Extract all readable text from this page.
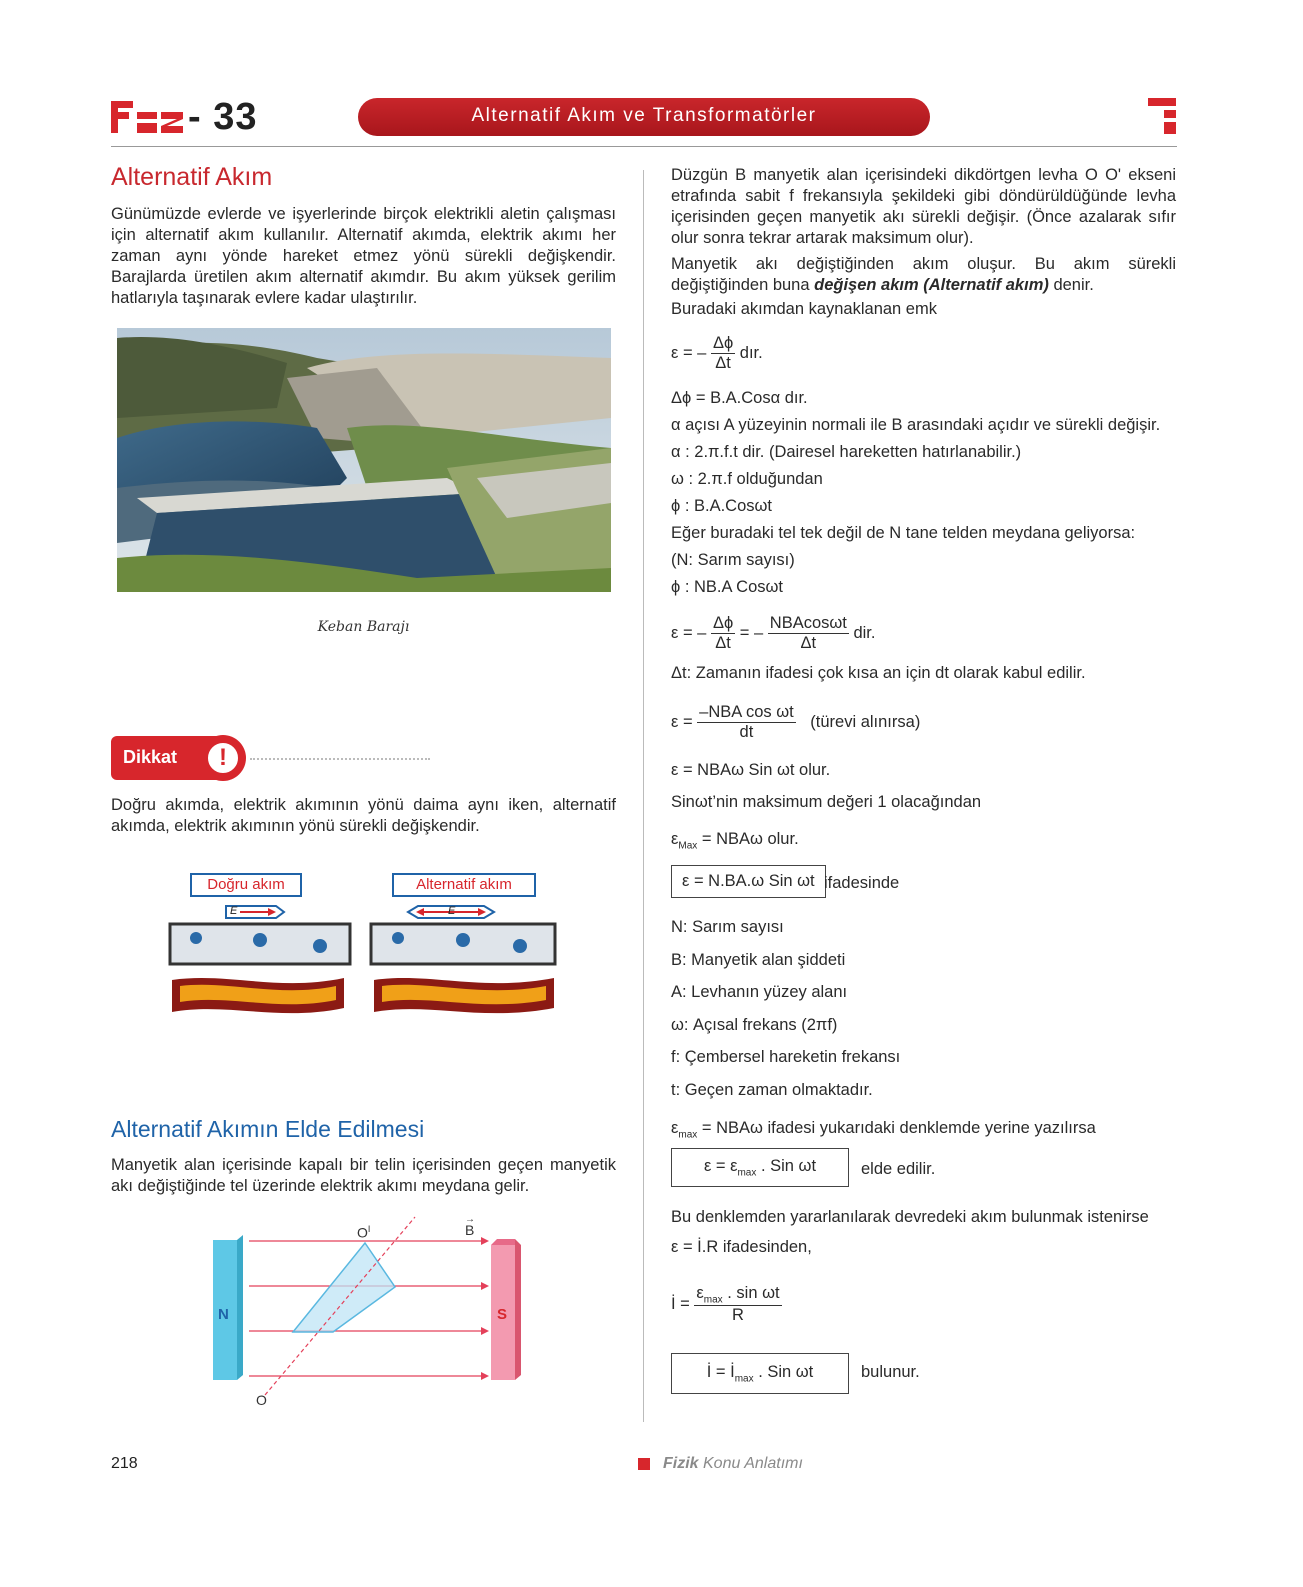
- 33	Alternatif Akım ve Transformatörler
Alternatif Akım
Günümüzde evlerde ve işyerlerinde birçok elektrikli aletin çalışması için alternatif akım kullanılır. Alternatif akımda, elektrik akımı her zaman aynı yönde hareket etmez yönü sürekli değişkendir. Barajlarda üretilen akım alternatif akımdır. Bu akım yüksek gerilim hatlarıyla taşınarak evlere kadar ulaştırılır.
Keban Barajı
Dikkat	!
Doğru akımda, elektrik akımının yönü daima aynı iken, alternatif akımda, elektrik akımının yönü sürekli değişkendir.
Doğru akım	Alternatif akım
E	E
Alternatif Akımın Elde Edilmesi
Manyetik alan içerisinde kapalı bir telin içerisinden geçen manyetik akı değiştiğinde tel üzerinde elektrik akımı meydana gelir.
$O^I$
→
B
N	S
O
Düzgün B manyetik alan içerisindeki dikdörtgen levha O O' ekseni etrafında sabit f frekansıyla şekildeki gibi döndürüldüğünde levha içerisinden geçen manyetik akı sürekli değişir. (Önce azalarak sıfır olur sonra tekrar artarak maksimum olur).
Manyetik akı değiştiğinden akım oluşur. Bu akım sürekli değiştiğinden buna değişen akım (Alternatif akım) denir.
Buradaki akımdan kaynaklanan emk
ε = – $\frac{\Delta\phi}{\Delta t}$ dır.
Δϕ = B.A.Cosα dır.
α açısı A yüzeyinin normali ile B arasındaki açıdır ve sürekli değişir.
α : 2.π.f.t dir. (Dairesel hareketten hatırlanabilir.)
ω : 2.π.f olduğundan
ϕ : B.A.Cosωt
Eğer buradaki tel tek değil de N tane telden meydana geliyorsa:
(N: Sarım sayısı)
ϕ : NB.A Cosωt
ε = – $\frac{\Delta\phi}{\Delta t}$ = – $\frac{\text{NBAcosωt}}{\Delta t}$ dir.
Δt: Zamanın ifadesi çok kısa an için dt olarak kabul edilir.
$\varepsilon = \frac{\text{–NBA cos ωt}}{dt}$ (türevi alınırsa)
ε = NBAω Sin ωt olur.
Sinωt’nin maksimum değeri 1 olacağından
$\varepsilon_{Max} = NBA\omega$ olur.
ε = N.BA.ω Sin ωt ifadesinde
N: Sarım sayısı
B: Manyetik alan şiddeti
A: Levhanın yüzey alanı
ω: Açısal frekans (2πf)
f: Çembersel hareketin frekansı
t: Geçen zaman olmaktadır.
$\varepsilon_{max} = NBA\omega$ ifadesi yukarıdaki denklemde yerine yazılırsa
$\varepsilon = \varepsilon_{max}$ . Sin ωt	elde edilir.
Bu denklemden yararlanılarak devredeki akım bulunmak istenirse
ε = İ.R ifadesinden,
İ = $\frac{\varepsilon_{max} . \sin \omega t}{R}$
İ = $İ_{max}$ . Sin ωt	bulunur.
218	Fizik Konu Anlatımı
